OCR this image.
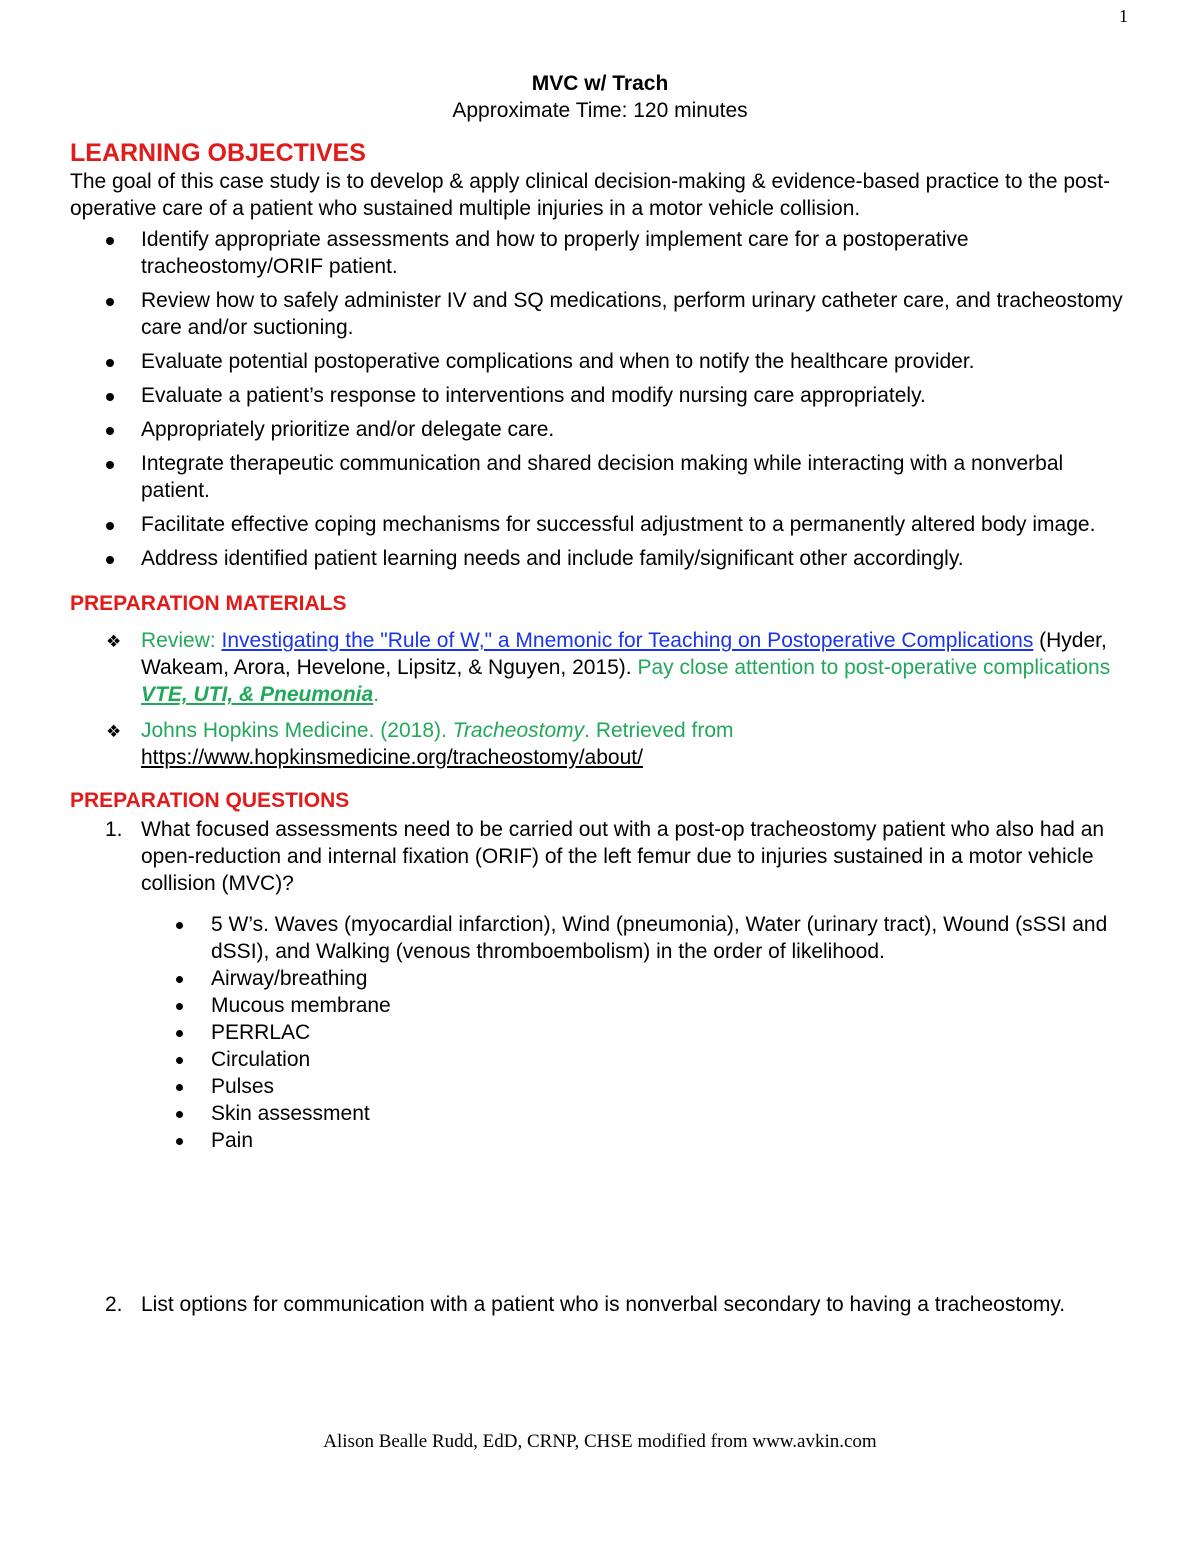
1

MVC w/ Trach

Approximate Time: 120 minutes

LEARNING OBJECTIVES

The goal of this case study is to develop & apply clinical decision-making & evidence-based practice to the post-operative care of a patient who sustained multiple injuries in a motor vehicle collision.

Identify appropriate assessments and how to properly implement care for a postoperative tracheostomy/ORIF patient.
Review how to safely administer IV and SQ medications, perform urinary catheter care, and tracheostomy care and/or suctioning.
Evaluate potential postoperative complications and when to notify the healthcare provider.
Evaluate a patient’s response to interventions and modify nursing care appropriately.
Appropriately prioritize and/or delegate care.
Integrate therapeutic communication and shared decision making while interacting with a nonverbal patient.
Facilitate effective coping mechanisms for successful adjustment to a permanently altered body image.
Address identified patient learning needs and include family/significant other accordingly.

PREPARATION MATERIALS

❖ Review: Investigating the "Rule of W," a Mnemonic for Teaching on Postoperative Complications (Hyder, Wakeam, Arora, Hevelone, Lipsitz, & Nguyen, 2015). Pay close attention to post-operative complications VTE, UTI, & Pneumonia.
❖ Johns Hopkins Medicine. (2018). Tracheostomy. Retrieved from
https://www.hopkinsmedicine.org/tracheostomy/about/

PREPARATION QUESTIONS

1. What focused assessments need to be carried out with a post-op tracheostomy patient who also had an open-reduction and internal fixation (ORIF) of the left femur due to injuries sustained in a motor vehicle collision (MVC)?
5 W’s. Waves (myocardial infarction), Wind (pneumonia), Water (urinary tract), Wound (sSSI and dSSI), and Walking (venous thromboembolism) in the order of likelihood.
Airway/breathing
Mucous membrane
PERRLAC
Circulation
Pulses
Skin assessment
Pain
2. List options for communication with a patient who is nonverbal secondary to having a tracheostomy.
Alison Bealle Rudd, EdD, CRNP, CHSE modified from www.avkin.com
